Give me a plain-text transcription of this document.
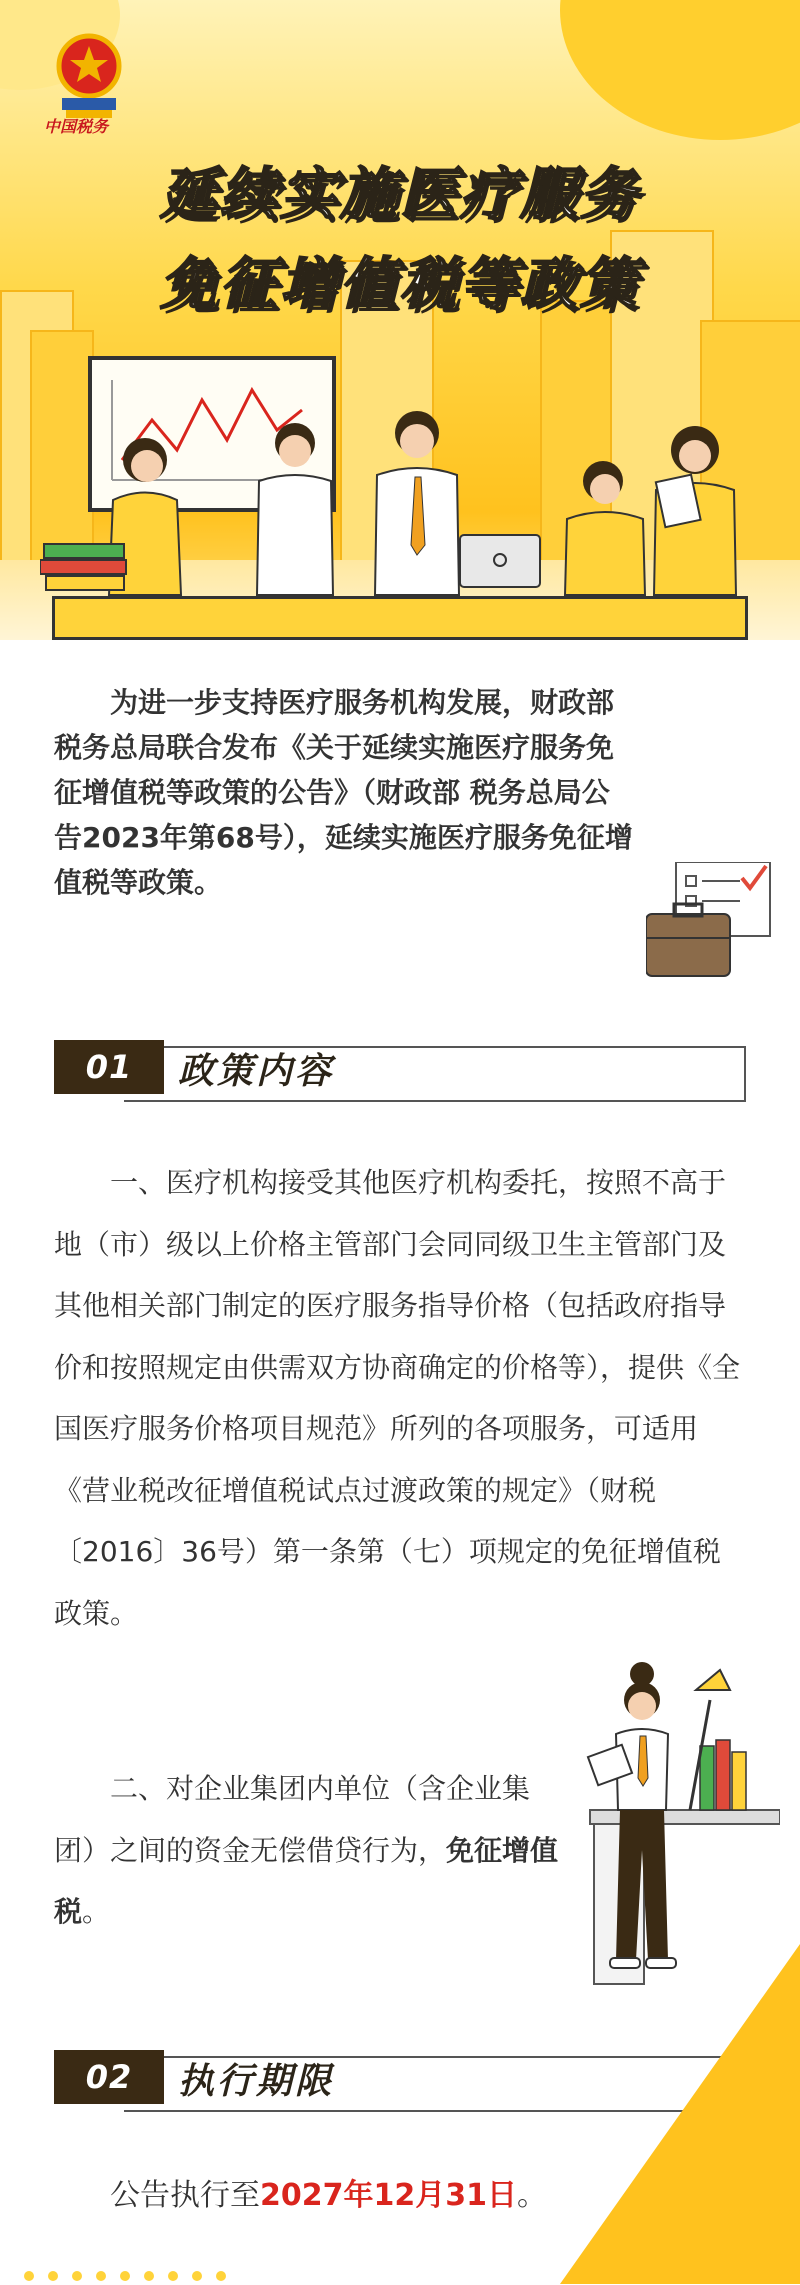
中国税务
延续实施医疗服务
免征增值税等政策

为进一步支持医疗服务机构发展，财政部税务总局联合发布《关于延续实施医疗服务免征增值税等政策的公告》（财政部 税务总局公告2023年第68号），延续实施医疗服务免征增值税等政策。

01	政策内容

一、医疗机构接受其他医疗机构委托，按照不高于地（市）级以上价格主管部门会同同级卫生主管部门及其他相关部门制定的医疗服务指导价格（包括政府指导价和按照规定由供需双方协商确定的价格等），提供《全国医疗服务价格项目规范》所列的各项服务，可适用《营业税改征增值税试点过渡政策的规定》（财税〔2016〕36号）第一条第（七）项规定的免征增值税政策。

二、对企业集团内单位（含企业集团）之间的资金无偿借贷行为，免征增值税。

02	执行期限
公告执行至2027年12月31日。
